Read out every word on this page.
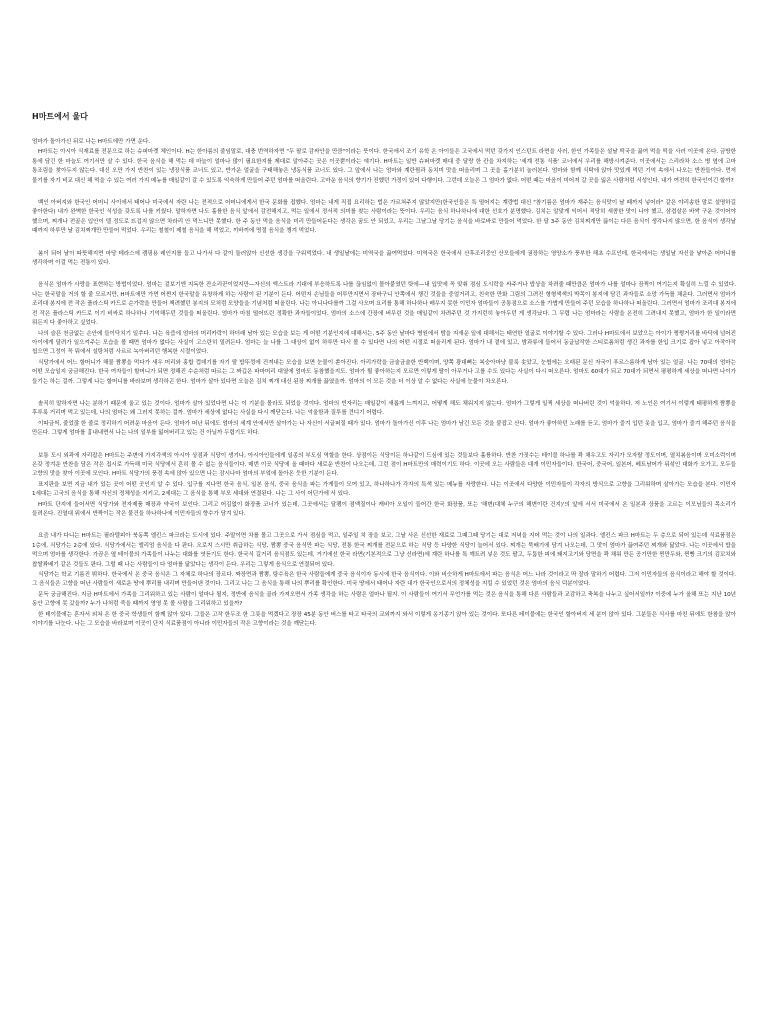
H마트에서 울다

엄마가 돌아가신 뒤로 나는 H마트에만 가면 운다.

H마트는 아시아 식재료를 전문으로 하는 슈퍼마켓 체인이다. H는 한아름의 줄임말로, 대충 번역하자면 "두 팔로 감싸안을 만큼"이라는 뜻이다. 한국에서 조기 유학 온 아이들은 고국에서 먹던 갖가지 인스턴트 라면을 사러, 한인 가족들은 설날 떡국을 끓여 먹을 떡을 사러 이곳에 온다. 금방한 통에 담긴 한 마늘도 여기서만 살 수 있다. 한국 음식을 해 먹는 데 마늘이 얼마나 많이 필요한지를 제대로 알아주는 곳은 이곳뿐이라는 얘기다. H마트는 일반 슈퍼마켓 매대 중 달랑 한 칸을 차지하는 '세계 전통 식품' 코너에서 우리를 해방시켜준다. 이곳에서는 스리라차 소스 병 옆에 고마 통조림을 찾아두지 않는다. 대신 오만 가지 반찬이 있는 냉장식품 코너도 있고, 반가운 얼굴을 구태해놓은 냉동식품 코너도 있다. 그 앞에서 나는 엄마와 계란찜과 동치미 맛을 떠올리며 그 곳을 홀가분히 눌러본다. 엄마와 함께 식탁에 앉아 맛있게 먹던 기억 속에서 나오는 반찬들이다. 먼저 물기를 자기 비교 대신 해 먹을 수 있는 여러 가지 메뉴를 매일같이 갈 수 있도록 익숙하게 만들어 주던 엄마를 떠올린다. 고마운 음식의 향기가 진했던 가정이 있어 다행이다. 그런데 오늘은 그 엄마가 없다. 어떤 때는 마음이 미어져 갈 곳을 잃은 사람처럼 서성인다. 내가 여전히 한국인이긴 할까?

백인 아버지와 한국인 어머니 사이에서 태어나 미국에서 자란 나는 전적으로 어머니에게서 한국 문화를 접했다. 엄마는 내게 직접 요리하는 법은 가르쳐주지 않았지만(한국인들은 특 떨어지는 계량법 대신 "참기름은 엄마가 재주는 음식맛이 날 때까지 넣어라" 같은 야리송한 말로 설명하길 좋아한다) 내가 완벽한 한국인 식성을 갖도록 나를 키웠다. 말하자면 나도 훌륭한 음식 앞에서 감전해지고, 먹는 일에서 정서적 의미를 찾는 사람이라는 뜻이다. 우리는 음식 하나하나에 대한 선호가 분명했다. 김치는 알맞게 익어서 적당히 새콤한 맛이 나야 했고, 삼겹살은 바싹 구운 것이어야 했으며, 찌개나 전골은 입안이 델 정도로 뜨겁지 않으면 차라리 안 먹느니만 못했다. 한 주 동안 먹을 음식을 미리 만들어둔다는 생각은 꿈도 안 되었고, 우리는 그날그날 당기는 음식을 바로바로 만들어 먹었다. 한 달 3주 동안 김치찌개만 끓이는 다른 음식이 생각나지 않으면, 한 음식이 생각날 때까지 하루만 날 김치찌개만 만들어 먹었다. 우리는 철철이 제철 음식을 해 먹었고, 끼바끼에 명절 음식을 챙겨 먹었다.

봄이 되어 날이 따뜻해지면 마당 테라스에 캠핑용 레인지를 들고 나가서 다 같이 둘러앉아 신선한 생강을 구워먹었다. 내 생일날에는 미역국을 끓여먹었다. 미역국은 한국에서 산후조리중인 산모들에게 권장하는 영양소가 풍부한 해초 수프인데, 한국에서는 생일날 자신을 낳아준 어머니를 생각하며 이걸 먹는 전통이 있다.

음식은 엄마가 사랑을 표현하는 방법이었다. 엄마는 겉보기엔 지독한 잔소리꾼이었지만—자신의 엑스트라 기대에 부응하도록 나를 끊임없이 몰아붙였던 탓에—내 입맛에 꼭 맞춰 점심 도시락을 싸주거나 밥상을 차려줄 때만큼은 엄마가 나를 얼마나 끔찍이 여기는지 확실히 느낄 수 있었다. 나는 한국말을 거의 할 줄 모르지만, H마트에만 가면 어쩐지 한국말을 유창하게 하는 사람이 된 기분이 든다. 어떤지 손님들을 어루만지면서 장바구니 안쪽에서 챙긴 것들을 중얼거리고, 친숙한 만화 그림의 그려진 형형색색의 박목이 봉지에 담긴 과자들로 소망 가득를 채운다. 그러면서 엄마가 조리대 봉지에 전 작은 플라스틱 카드로 순가락을 만들어 책려했던 봉지의 모처럼 모양들을 기념처럼 떠올린다. 나는 아니나다를까 그걸 사오며 요리를 통해 하나하나 배우지 못한 이민자 엄마들이 공통점으로 소스를 가볍게 만들어 주던 모습을 하나하나 떠올린다. 그러면서 엄마가 조리대 봉지에 전 작은 플라스틱 카드로 이기 비싸로 하나하나 기억해두던 것들을 떠올린다. 엄마가 마침 떨어뜨린 정확한 과자들이었다. 엄마의 소스에 간장에 버무린 것을 매일같이 차려주던 것 가지런히 놓아두던 게 생각났다. 그 무렵 나는 엄마라는 사람을 온전히 그려내지 못했고, 엄마가 한 일이라면 뭐든지 다 좋아하고 싶었다.

나의 슬픈 천금없는 손안에 들이닥치기 일쑤다. 나는 육즙에 엄마의 머리카락이 하더래 남아 있는 모습을 보는 게 어떤 기분인지에 대해서는, 5주 동안 날마다 병원에서 밤을 지새운 일에 대해서는 태연한 얼굴로 이야기할 수 있다. 그러나 H마트에서 보았으는 아이가 쩡쩡거리를 바닥에 넘어진 아이에게 달려가 일으켜주는 모습을 볼 때면 엄마가 없다는 사실이 고스란히 밀려든다. 엄마는 늘 나를 그 대상이 없이 하루만 다시 볼 수 있다면 나의 어떤 시절로 떠올리게 된다. 엄마가 내 곁에 있고, 밤과류에 들어서 동글납작한 스티로폼처럼 생긴 과자를 한입 크기로 잡아 넣고 아작아작 씹으면 그정이 꼭 뭐에서 설탕처럼 사르르 녹아버리던 행복한 시절이었다.

식당가에서 어느 할머니가 해물 짬뽕을 먹다가 새우 머리와 홍합 껍데기를 자기 딸 밥뚜껑에 건져내는 모습을 보면 눈물이 쏟아진다. 아리가락을 금술금술한 반백이며, 양쪽 광대뼈는 복숭아마냥 불룩 솟았고, 눈썹에는 오래된 문신 자국이 푸르스름하게 남아 있는 얼굴. 나는 70대의 엄마는 어떤 모습일지 궁금해진다. 한국 여자들이 할머니가 되면 정해진 수순처럼 따르는 그 짜깁은 파마머리 대열에 엄마도 동참했을지도. 엄마가 뭘 좋아하는지 모르면 이렇게 딸이 아무거나 고를 수도 있다는 사실이 다시 떠오른다. 엄마도 60대가 되고 70대가 되면서 평평하게 세상을 떠나면 나이가 들기는 하는 걸까. 그렇게 나는 할머니를 바라보며 생각하곤 한다. 엄마가 살아 있다면 오늘은 김치 찌개 대신 된장 찌개를 끓였을까. 엄마의 이 모든 것을 더 이상 알 수 없다는 사실에 눈물이 차오른다.

솔직히 말하자면 나는 분하기 때문에 울고 있는 것이다. 엄마가 살아 있었다면 나는 이 기분을 몰라도 되었을 것이다. 엄마의 빈자리는 매일같이 새롭게 느껴지고, 어떻게 해도 채워지지 않는다. 엄마가 그렇게 일찍 세상을 떠나버린 것이 억울하다. 저 노인은 여기서 이렇게 태평하게 짬뽕을 후루룩 거리며 먹고 있는데, 나의 엄마는 왜 그러지 못하는 걸까. 엄마가 세상에 없다는 사실을 다시 깨닫는다. 나는 억울함과 질투를 견디기 어렵다.

이따금씩, 줄었잖 한 줄로 정리하기 어려운 마음이 든다. 엄마가 떠난 뒤에도 엄마의 세계 안에서만 살아가는 나 자신이 서글퍼질 때가 있다. 엄마가 돌아가신 이후 나는 엄마가 남긴 모든 것을 붙잡고 산다. 엄마가 좋아하던 노래를 듣고, 엄마가 즐겨 입던 옷을 입고, 엄마가 즐겨 해주던 음식을 만든다. 그렇게 엄마를 흉내내면서 나는 나의 일부를 잃어버리고 있는 건 아닐까 두렵기도 하다.

보통 도시 외곽에 자리잡은 H마트는 주변에 가지각색의 아시아 상점과 식당이 생기나, 아시아인들에게 일종의 부도심 역할을 한다. 상점이든 식당이든 하나같이 드심에 있는 것들보다 훌륭하다. 반찬 가짓수는 테이블 하나를 꽉 채우고도 자리가 모자랄 정도이며, 열치볶음이며 오미소럭이며 온갖 정겨운 반찬을 담은 작은 접시로 가득해 미국 식당에서 흔히 볼 수 없는 음식들이다. 매번 이곳 식당에 올 때마다 새로운 반찬이 나오는데, 그런 점이 H마트만의 매력이기도 하다. 이곳에 오는 사람들은 대개 이민자들이다. 한국어, 중국어, 일본어, 베트남어가 뒤섞인 대화가 오가고, 모두들 고향의 맛을 찾아 이곳에 모인다. H마트 식당가의 풍경 속에 앉아 있으면 나는 잠시나마 엄마의 부엌에 돌아온 듯한 기분이 든다.

표지판을 보면 지금 내가 있는 곳이 어떤 곳인지 알 수 있다. 입구를 지나면 한국 음식, 일본 음식, 중국 음식을 파는 가게들이 모여 있고, 하나하나가 각자의 특색 있는 메뉴를 자랑한다. 나는 이곳에서 다양한 이민자들이 각자의 방식으로 고향을 그리워하며 살아가는 모습을 본다. 이민자 1세대는 고국의 음식을 통해 자신의 정체성을 지키고, 2세대는 그 음식을 통해 부모 세대와 연결된다. 나는 그 사이 어딘가에 서 있다.

H마트 단지에 들어서면 식당가와 전자제품 매장과 약국이 보인다. 그리고 어김없이 화장품 코너가 있는데, 그곳에서는 달팽이 점액질이나 캐비아 오일이 들어간 한국 화장품, 또는 '해변(대체 누구의 해변이란 건지)'의 앞에 서서 미국에서 온 일본과 상품을 고르는 이모님들의 목소리가 들려온다. 진열대 위에서 반짝이는 작은 물건들 하나하나에 이민자들의 향수가 담겨 있다.

요즘 내가 다니는 H마트는 필라델피아 북동쪽 엘킨스 파크라는 도시에 있다. 주말이면 차를 몰고 그곳으로 가서 점심을 먹고, 일주일 치 장을 보고, 그날 사온 신선한 재료로 그때그때 당기는 대로 저녁을 지어 먹는 것이 나의 일과다. 엘킨스 파크 H마트는 두 층으로 되어 있는데 식료품점은 1층에, 식당가는 2층에 있다. 식당가에서는 엘리엄 음식을 다 판다. 오로지 스시만 취급하는 식당, 짬뽕 중국 음식만 파는 식당, 전통 한국 찌개를 전문으로 하는 식당 등 다양한 식당이 늘어서 있다. 찌개는 뚝배기에 담겨 나오는데, 그 맛이 엄마가 끓여주던 찌개와 닮았다. 나는 이곳에서 밥을 먹으며 엄마를 생각한다. 가끔은 옆 테이블의 가족들이 나누는 대화를 엿듣기도 한다. 한국식 길거리 음식점도 있는데, 거기에선 한국 라면(기본적으로 그냥 신라면)에 계란 하나를 톡 깨트려 넣은 것도 팔고, 두툼한 피에 돼지고기와 당면을 꽉 채워 만든 공기만한 찐만두와, 찐빵 크기의 김꼬치와 찹쌀꽈배기 같은 것들도 판다. 그럴 때 나는 사람들이 다 엄마를 닮았다는 생각이 든다. 우리는 그렇게 음식으로 연결되어 있다.

식당가는 학교 기름진 뷔하다. 한국에서 온 중국 음식은 그 자체로 하나의 장르다. 짜장면과 짬뽕, 탕수육은 한국 사람들에게 중국 음식이자 동시에 한국 음식이다. 이와 비슷하게 H마트에서 파는 음식은 어느 나라 것이라고 딱 잘라 말하기 어렵다. 그저 이민자들의 음식이라고 해야 할 것이다. 그 음식들은 고향을 떠난 사람들이 새로운 땅에 뿌리를 내리며 만들어낸 것이다. 그리고 나는 그 음식을 통해 나의 뿌리를 확인한다. 미국 땅에서 태어나 자란 내가 한국인으로서의 정체성을 지킬 수 있었던 것은 엄마의 음식 덕분이었다.

문득 궁금해진다. 지금 H마트에서 가족을 그리워하고 있는 사람이 얼마나 될지, 정반에 음식을 골라 가져오면서 가족 생각을 하는 사람은 얼마나 될지. 이 사람들이 여기서 무언가를 먹는 것은 음식을 통해 다른 사람들과 교감하고 축복을 나누고 싶어서일까? 이중에 누가 올해 또는 지난 10년 동안 고향에 못 갔을까? 누가 나처럼 죽을 때까지 영영 못 볼 사람을 그리워하고 있을까?

한 테이블에는 혼자서 외쳐 온 한 중국 학생들이 함께 앉아 있다. 그들은 고작 한두조 한 그릇을 먹겠다고 장장 45분 동안 버스를 타고 타국의 교외까지 와서 이렇게 옹기종기 앉아 있는 것이다. 또다른 테이블에는 한국인 할아버지 세 분이 앉아 있다. 그분들은 식사를 마친 뒤에도 한참을 앉아 이야기를 나눈다. 나는 그 모습을 바라보며 이곳이 단지 식료품점이 아니라 이민자들의 작은 고향이라는 것을 깨닫는다.
